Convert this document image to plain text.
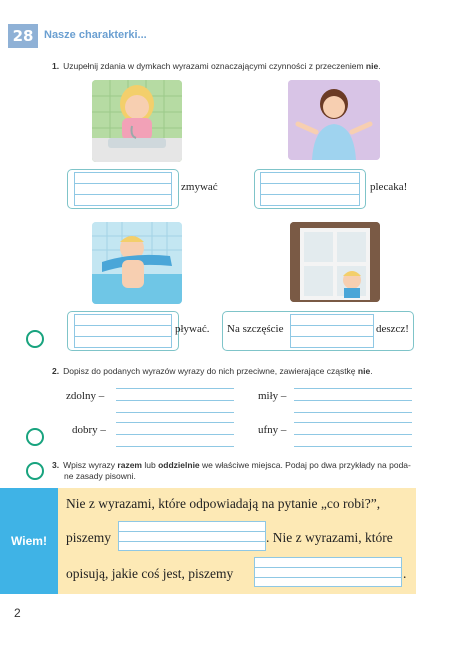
28 Nasze charakterki...
1. Uzupełnij zdania w dymkach wyrazami oznaczającymi czynności z przeczeniem nie.
zmywać	plecaka!
pływać. Na szczęście	deszcz!
2. Dopisz do podanych wyrazów wyrazy do nich przeciwne, zawierające cząstkę nie.
zdolny –	miły –
dobry –	ufny –
3. Wpisz wyrazy razem lub oddzielnie we właściwe miejsca. Podaj po dwa przykłady na poda-
ne zasady pisowni.
Wiem!
Nie z wyrazami, które odpowiadają na pytanie „co robi?”,
piszemy	. Nie z wyrazami, które
opisują, jakie coś jest, piszemy	.
2
